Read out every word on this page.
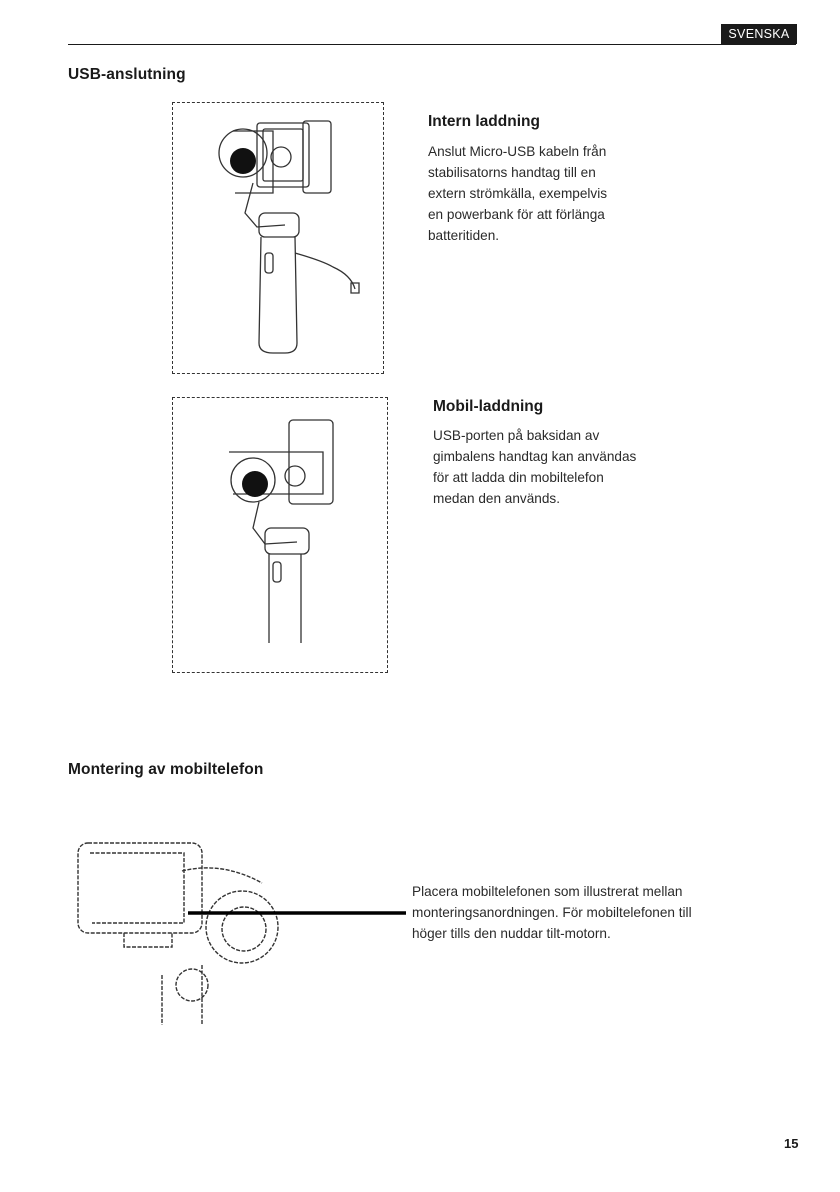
SVENSKA
USB-anslutning
Intern laddning
Anslut Micro-USB kabeln från
stabilisatorns handtag till en
extern strömkälla, exempelvis
en powerbank för att förlänga
batteritiden.
Mobil-laddning
USB-porten på baksidan av
gimbalens handtag kan användas
för att ladda din mobiltelefon
medan den används.
Montering av mobiltelefon
Placera mobiltelefonen som illustrerat mellan
monteringsanordningen. För mobiltelefonen till
höger tills den nuddar tilt-motorn.
15
